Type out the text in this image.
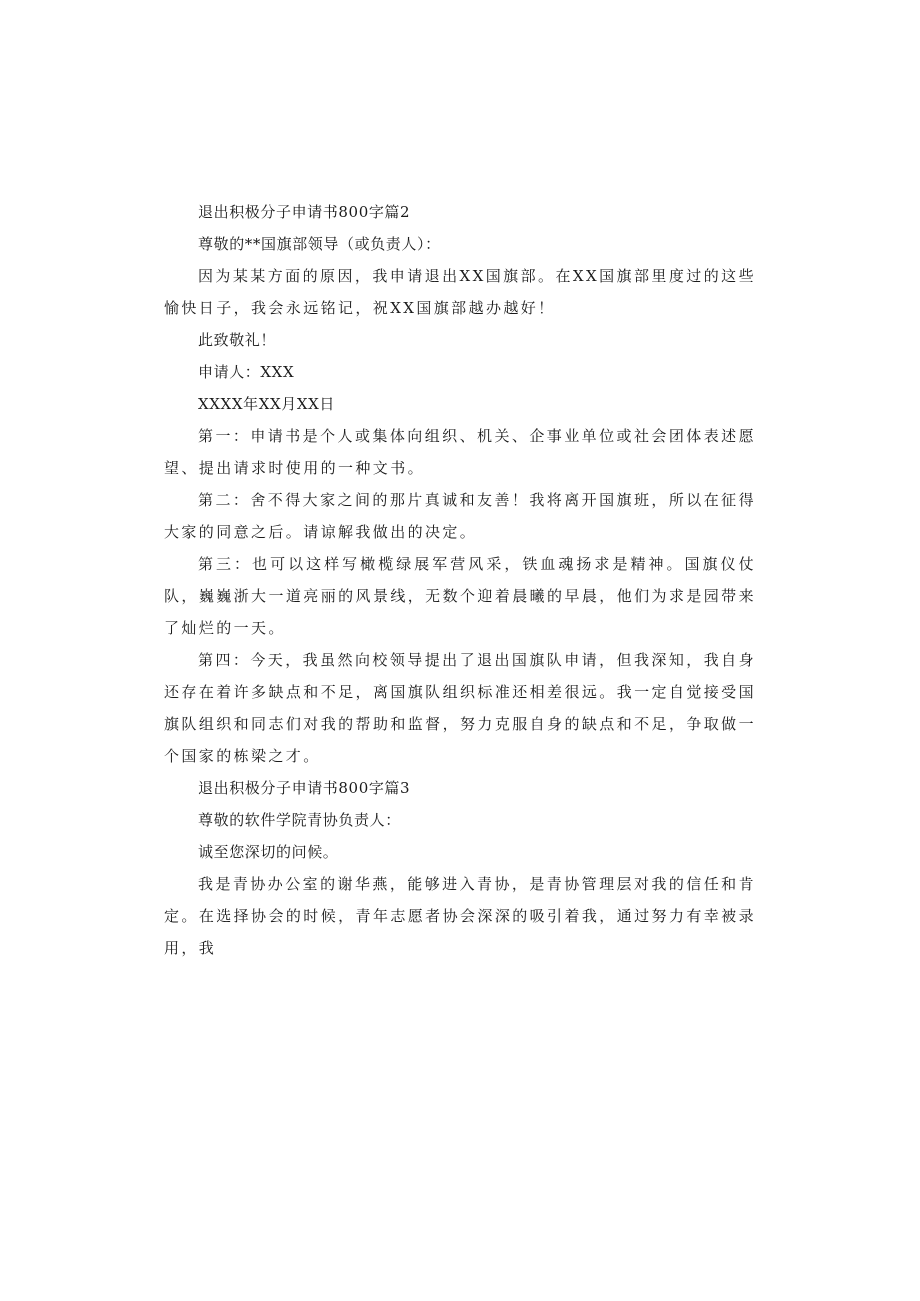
退出积极分子申请书800字篇2

尊敬的**国旗部领导（或负责人）：

因为某某方面的原因，我申请退出XX国旗部。在XX国旗部里度过的这些愉快日子，我会永远铭记，祝XX国旗部越办越好！

此致敬礼！

申请人：XXX

XXXX年XX月XX日

第一：申请书是个人或集体向组织、机关、企事业单位或社会团体表述愿望、提出请求时使用的一种文书。

第二：舍不得大家之间的那片真诚和友善！我将离开国旗班，所以在征得大家的同意之后。请谅解我做出的决定。

第三：也可以这样写橄榄绿展军营风采，铁血魂扬求是精神。国旗仪仗队，巍巍浙大一道亮丽的风景线，无数个迎着晨曦的早晨，他们为求是园带来了灿烂的一天。

第四：今天，我虽然向校领导提出了退出国旗队申请，但我深知，我自身还存在着许多缺点和不足，离国旗队组织标准还相差很远。我一定自觉接受国旗队组织和同志们对我的帮助和监督，努力克服自身的缺点和不足，争取做一个国家的栋梁之才。

退出积极分子申请书800字篇3

尊敬的软件学院青协负责人：

诚至您深切的问候。

我是青协办公室的谢华燕，能够进入青协，是青协管理层对我的信任和肯定。在选择协会的时候，青年志愿者协会深深的吸引着我，通过努力有幸被录用，我
